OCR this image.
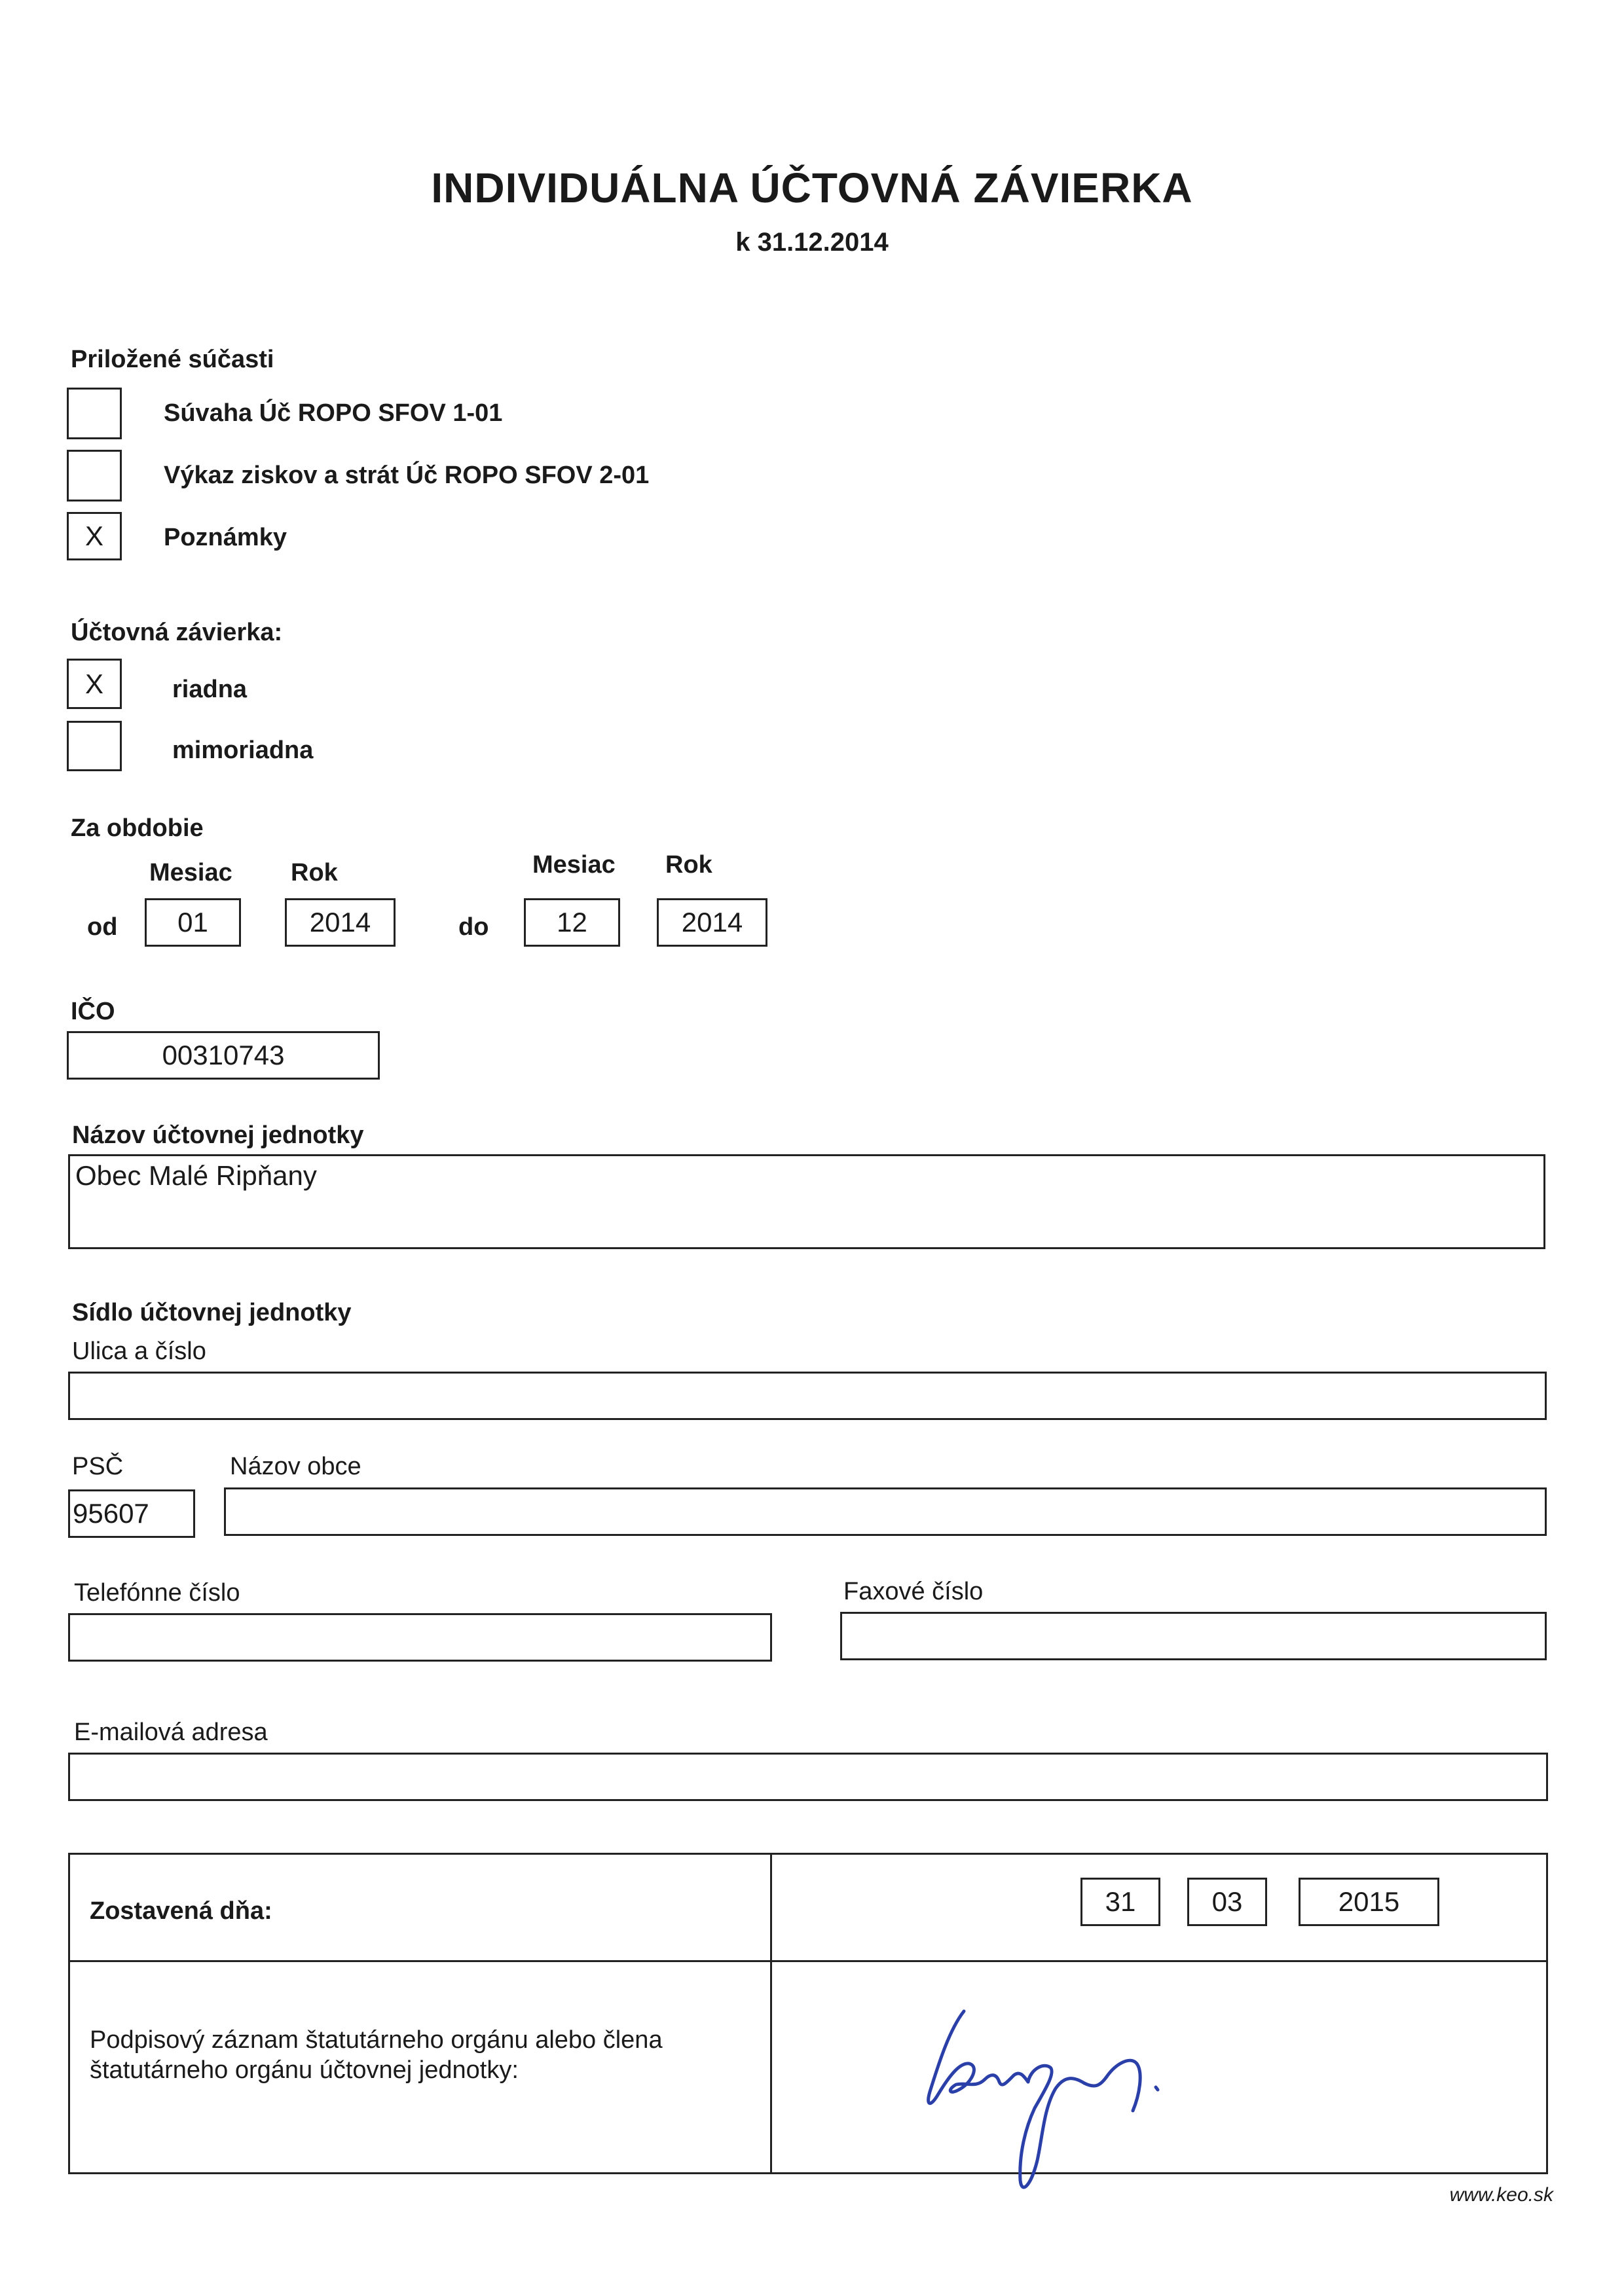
INDIVIDUÁLNA ÚČTOVNÁ ZÁVIERKA
k 31.12.2014
Priložené súčasti
Súvaha Úč ROPO SFOV 1-01
Výkaz ziskov a strát Úč ROPO SFOV 2-01
X	Poznámky
Účtovná závierka:
X	riadna
mimoriadna
Za obdobie
Mesiac Rok	Mesiac Rok
od	01	2014	do	12	2014
IČO
00310743
Názov účtovnej jednotky
Obec Malé Ripňany
Sídlo účtovnej jednotky
Ulica a číslo
PSČ	Názov obce
95607
Telefónne číslo	Faxové číslo
E-mailová adresa
Zostavená dňa:	31	03	2015
Podpisový záznam štatutárneho orgánu alebo člena
štatutárneho orgánu účtovnej jednotky:
www.keo.sk
